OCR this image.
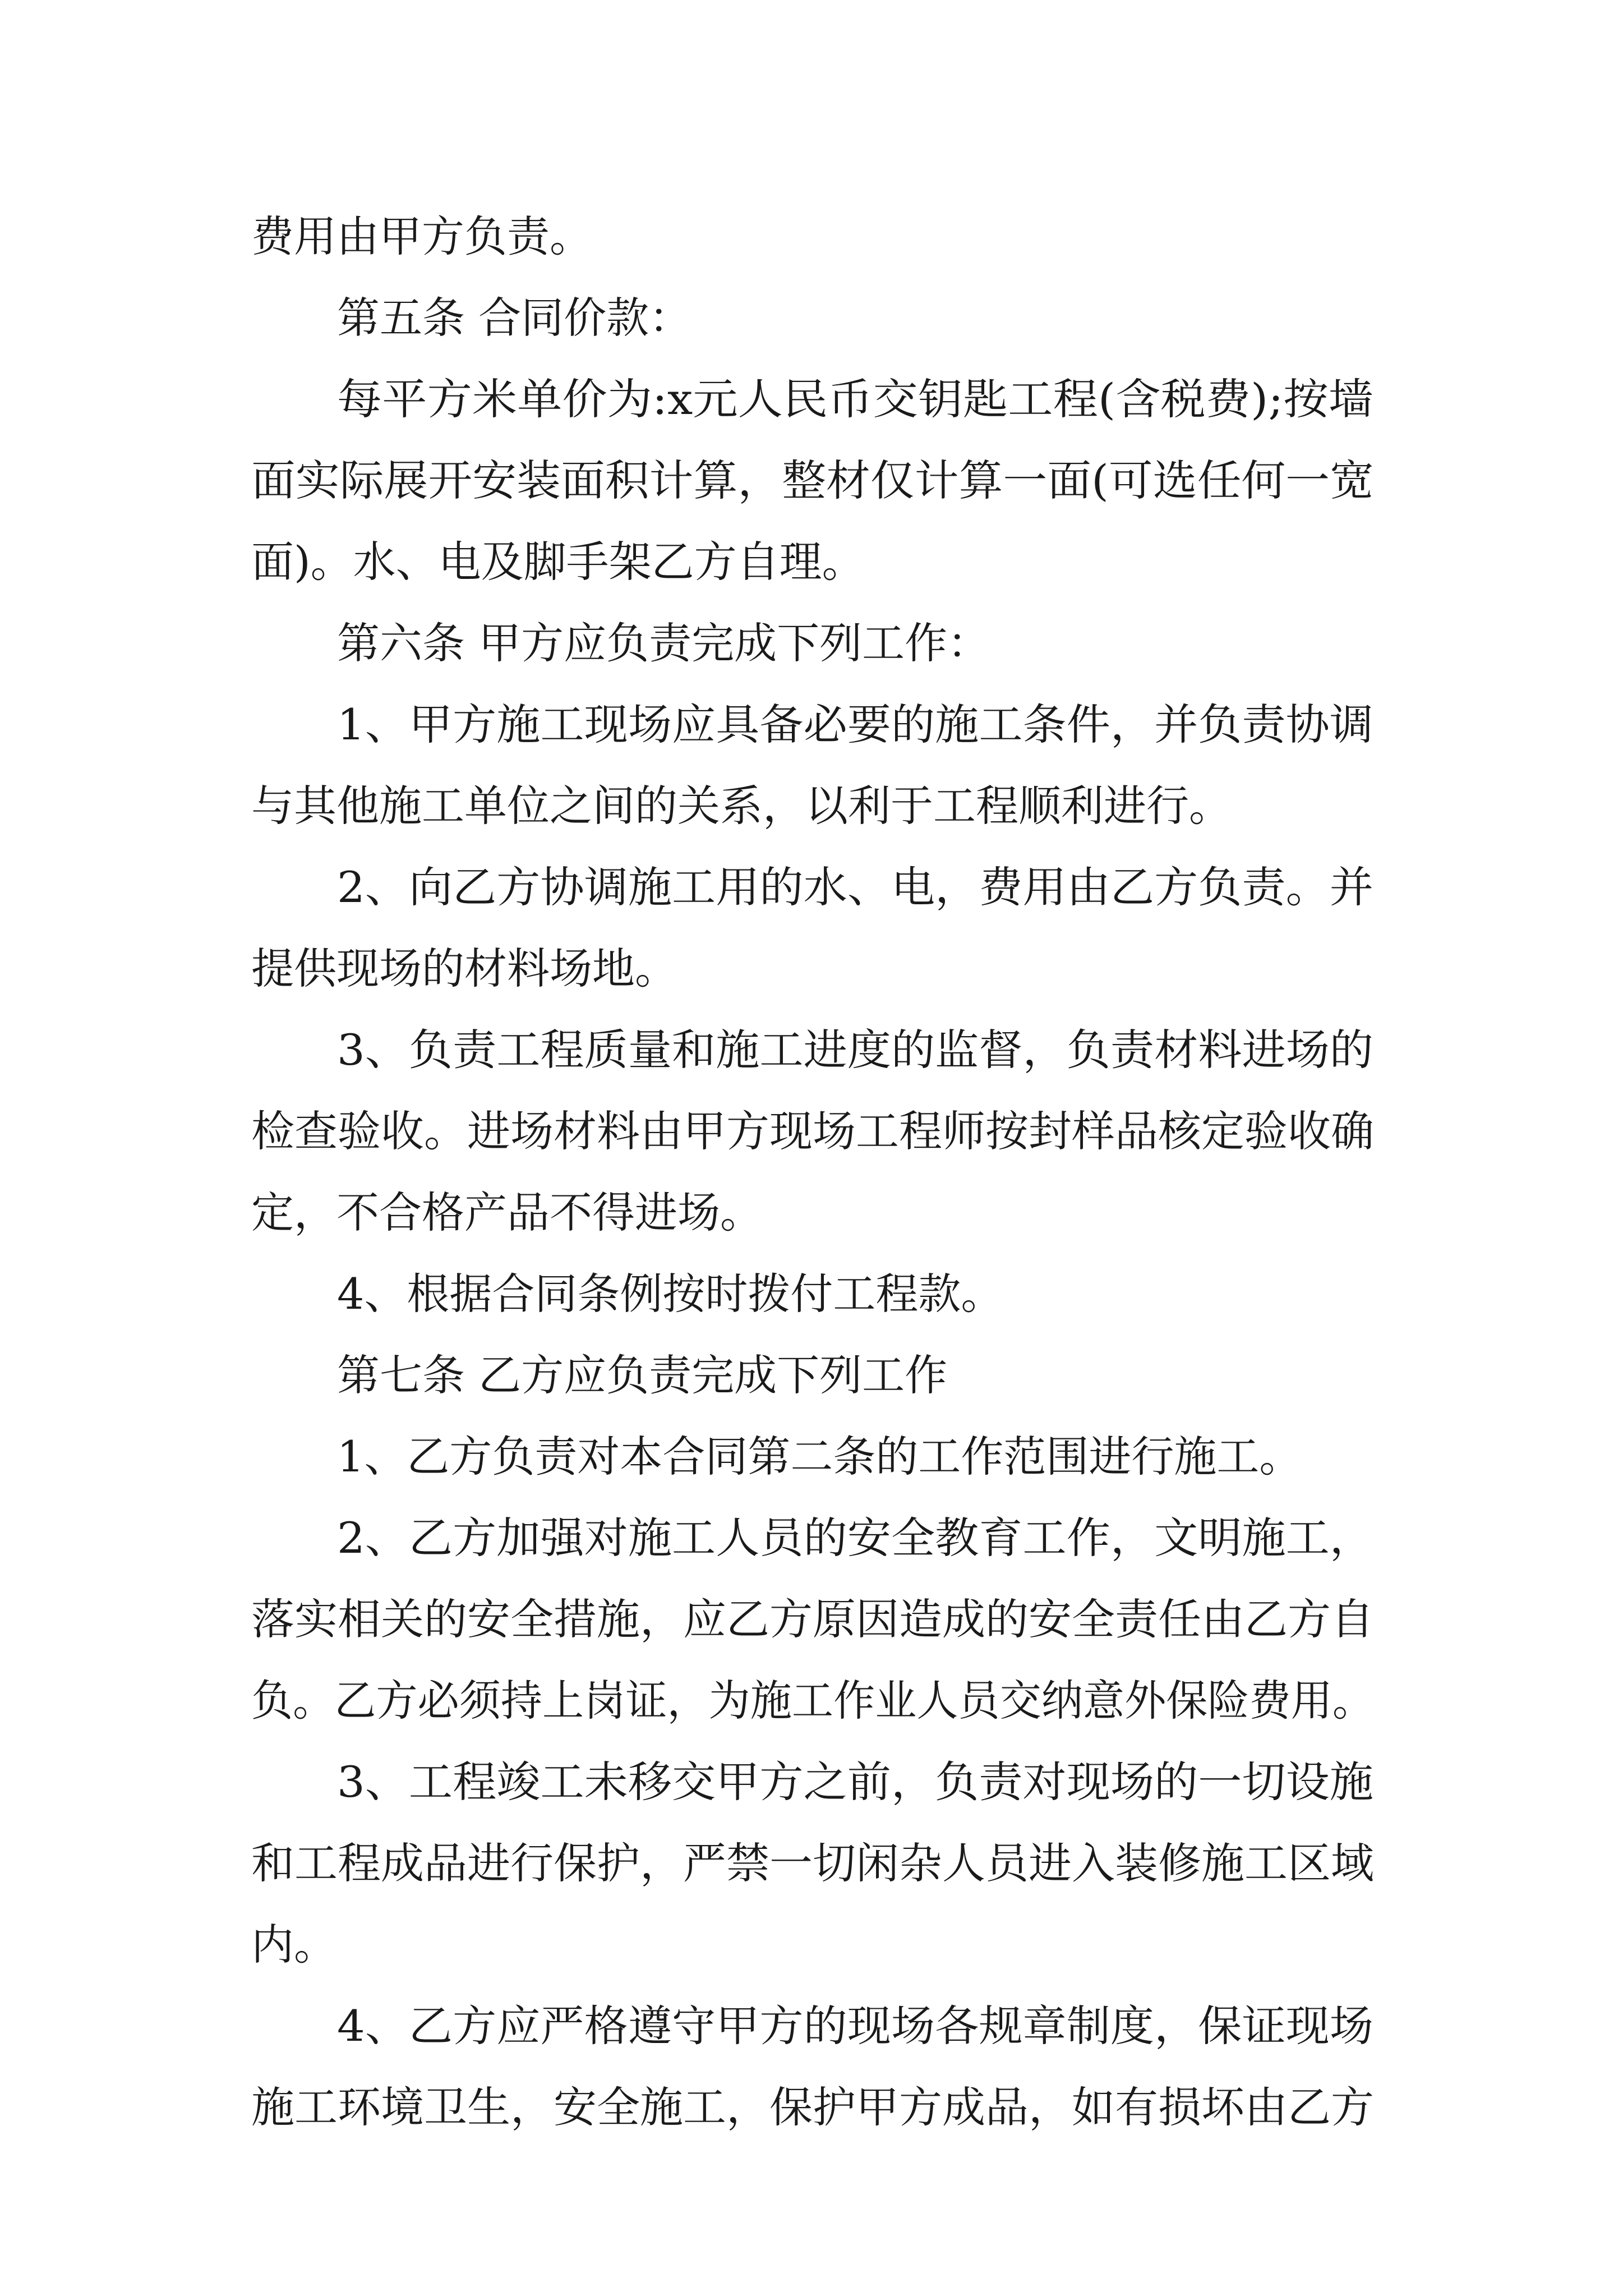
费用由甲方负责。
第五条 合同价款：
每平方米单价为:x元人民币交钥匙工程(含税费);按墙
面实际展开安装面积计算，整材仅计算一面(可选任何一宽
面)。水、电及脚手架乙方自理。
第六条 甲方应负责完成下列工作：
1、甲方施工现场应具备必要的施工条件，并负责协调
与其他施工单位之间的关系，以利于工程顺利进行。
2、向乙方协调施工用的水、电，费用由乙方负责。并
提供现场的材料场地。
3、负责工程质量和施工进度的监督，负责材料进场的
检查验收。进场材料由甲方现场工程师按封样品核定验收确
定，不合格产品不得进场。
4、根据合同条例按时拨付工程款。
第七条 乙方应负责完成下列工作
1、乙方负责对本合同第二条的工作范围进行施工。
2、乙方加强对施工人员的安全教育工作，文明施工，
落实相关的安全措施，应乙方原因造成的安全责任由乙方自
负。乙方必须持上岗证，为施工作业人员交纳意外保险费用。
3、工程竣工未移交甲方之前，负责对现场的一切设施
和工程成品进行保护，严禁一切闲杂人员进入装修施工区域
内。
4、乙方应严格遵守甲方的现场各规章制度，保证现场
施工环境卫生，安全施工，保护甲方成品，如有损坏由乙方
